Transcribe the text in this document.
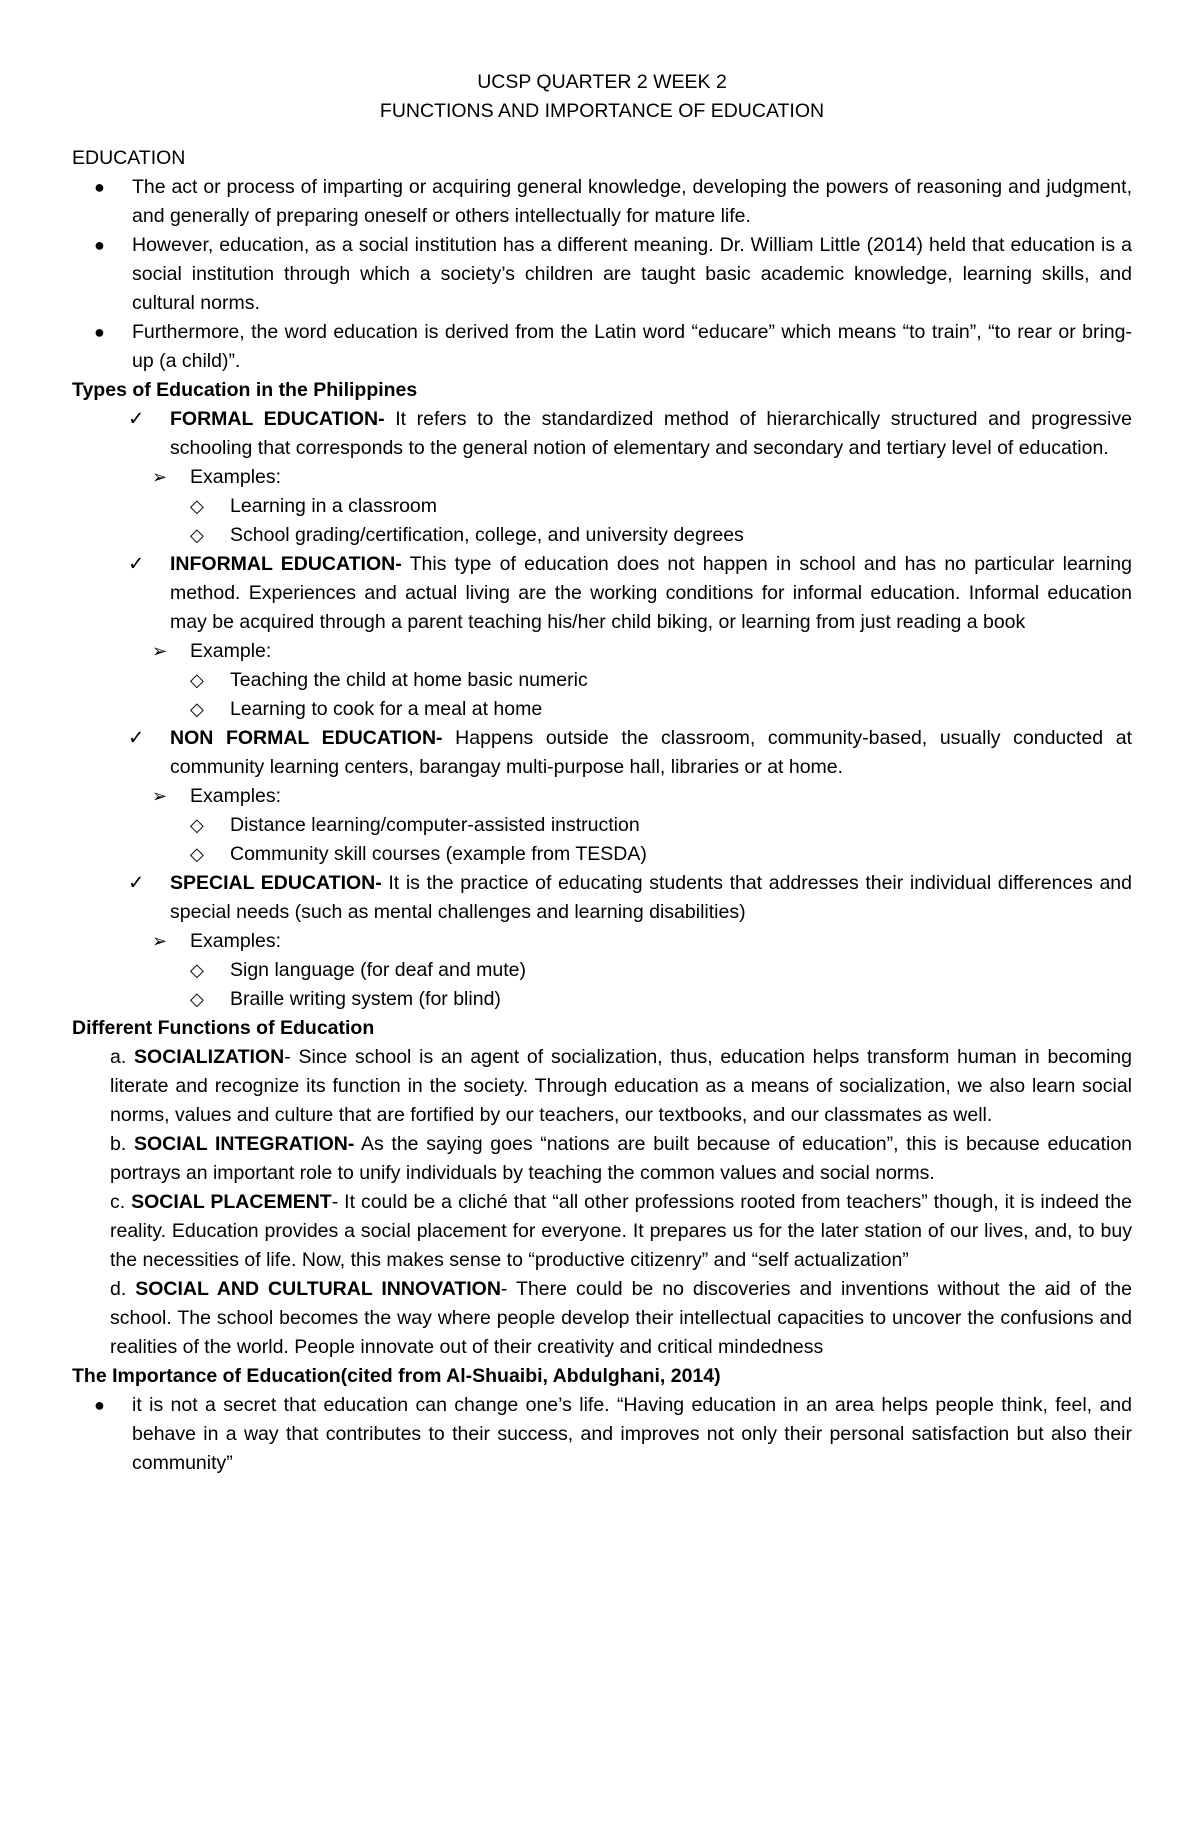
UCSP QUARTER 2 WEEK 2
FUNCTIONS AND IMPORTANCE OF EDUCATION
EDUCATION
● The act or process of imparting or acquiring general knowledge, developing the powers of reasoning and judgment, and generally of preparing oneself or others intellectually for mature life.
● However, education, as a social institution has a different meaning. Dr. William Little (2014) held that education is a social institution through which a society’s children are taught basic academic knowledge, learning skills, and cultural norms.
● Furthermore, the word education is derived from the Latin word “educare” which means “to train”, “to rear or bring-up (a child)”.
Types of Education in the Philippines
✓ FORMAL EDUCATION- It refers to the standardized method of hierarchically structured and progressive schooling that corresponds to the general notion of elementary and secondary and tertiary level of education.
➢ Examples:
◇ Learning in a classroom
◇ School grading/certification, college, and university degrees
✓ INFORMAL EDUCATION- This type of education does not happen in school and has no particular learning method. Experiences and actual living are the working conditions for informal education. Informal education may be acquired through a parent teaching his/her child biking, or learning from just reading a book
➢ Example:
◇ Teaching the child at home basic numeric
◇ Learning to cook for a meal at home
✓ NON FORMAL EDUCATION- Happens outside the classroom, community-based, usually conducted at community learning centers, barangay multi-purpose hall, libraries or at home.
➢ Examples:
◇ Distance learning/computer-assisted instruction
◇ Community skill courses (example from TESDA)
✓ SPECIAL EDUCATION- It is the practice of educating students that addresses their individual differences and special needs (such as mental challenges and learning disabilities)
➢ Examples:
◇ Sign language (for deaf and mute)
◇ Braille writing system (for blind)
Different Functions of Education
a. SOCIALIZATION- Since school is an agent of socialization, thus, education helps transform human in becoming literate and recognize its function in the society. Through education as a means of socialization, we also learn social norms, values and culture that are fortified by our teachers, our textbooks, and our classmates as well.
b. SOCIAL INTEGRATION- As the saying goes “nations are built because of education”, this is because education portrays an important role to unify individuals by teaching the common values and social norms.
c. SOCIAL PLACEMENT- It could be a cliché that “all other professions rooted from teachers” though, it is indeed the reality. Education provides a social placement for everyone. It prepares us for the later station of our lives, and, to buy the necessities of life. Now, this makes sense to “productive citizenry” and “self actualization”
d. SOCIAL AND CULTURAL INNOVATION- There could be no discoveries and inventions without the aid of the school. The school becomes the way where people develop their intellectual capacities to uncover the confusions and realities of the world. People innovate out of their creativity and critical mindedness
The Importance of Education(cited from Al-Shuaibi, Abdulghani, 2014)
● it is not a secret that education can change one’s life. “Having education in an area helps people think, feel, and behave in a way that contributes to their success, and improves not only their personal satisfaction but also their community”
